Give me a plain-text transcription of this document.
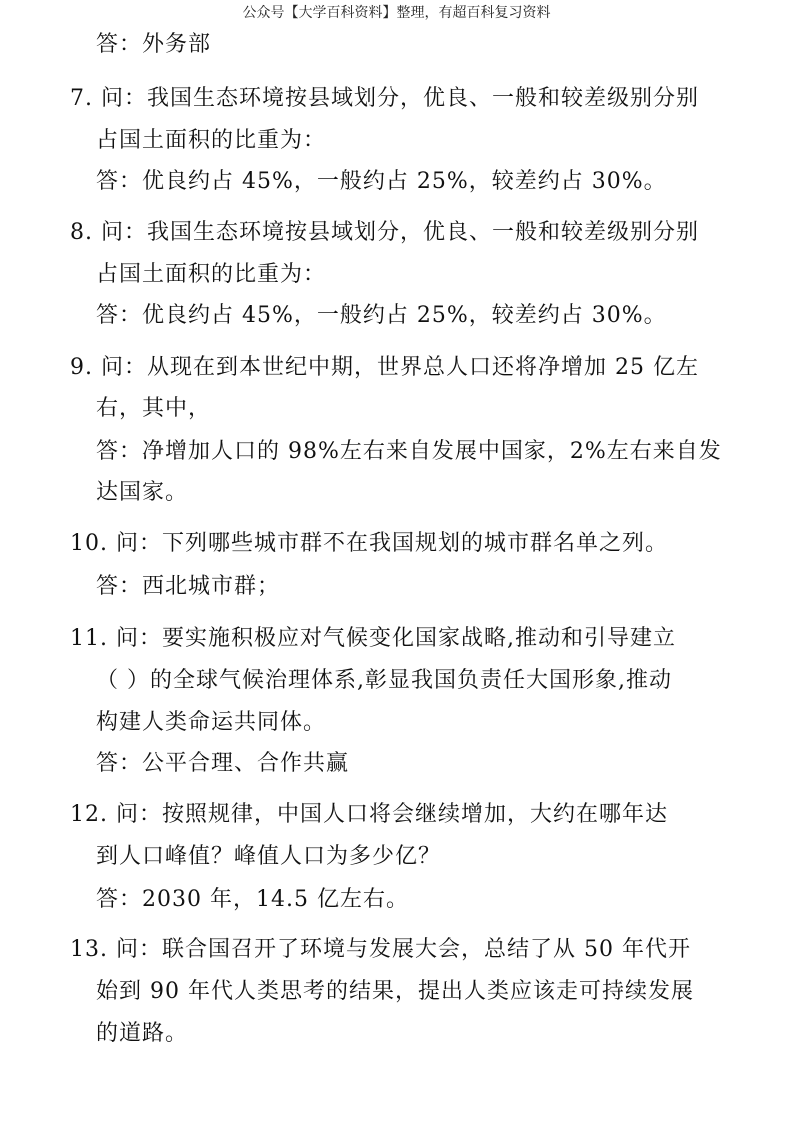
公众号【大学百科资料】整理，有超百科复习资料
答：外务部
7. 问：我国生态环境按县域划分，优良、一般和较差级别分别
占国土面积的比重为：
答：优良约占 45%，一般约占 25%，较差约占 30%。
8. 问：我国生态环境按县域划分，优良、一般和较差级别分别
占国土面积的比重为：
答：优良约占 45%，一般约占 25%，较差约占 30%。
9. 问：从现在到本世纪中期，世界总人口还将净增加 25 亿左
右，其中，
答：净增加人口的 98%左右来自发展中国家，2%左右来自发
达国家。
10. 问：下列哪些城市群不在我国规划的城市群名单之列。
答：西北城市群；
11. 问：要实施积极应对气候变化国家战略,推动和引导建立
（ ）的全球气候治理体系,彰显我国负责任大国形象,推动
构建人类命运共同体。
答：公平合理、合作共赢
12. 问：按照规律，中国人口将会继续增加，大约在哪年达
到人口峰值？峰值人口为多少亿？
答：2030 年，14.5 亿左右。
13. 问：联合国召开了环境与发展大会，总结了从 50 年代开
始到 90 年代人类思考的结果，提出人类应该走可持续发展
的道路。
